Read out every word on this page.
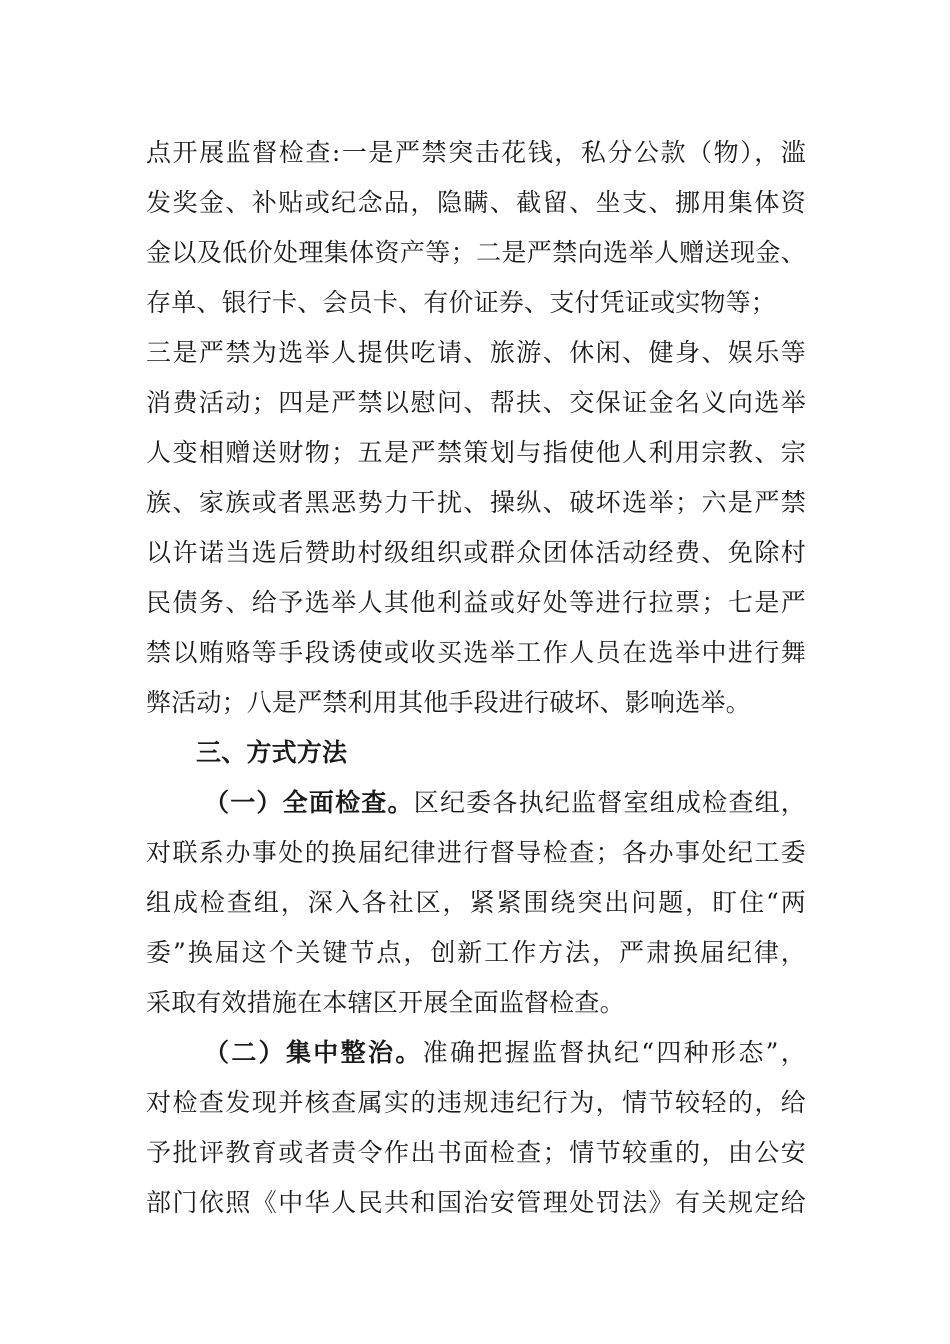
点开展监督检查:一是严禁突击花钱，私分公款（物），滥
发奖金、补贴或纪念品，隐瞒、截留、坐支、挪用集体资
金以及低价处理集体资产等；二是严禁向选举人赠送现金、
存单、银行卡、会员卡、有价证券、支付凭证或实物等；
三是严禁为选举人提供吃请、旅游、休闲、健身、娱乐等
消费活动；四是严禁以慰问、帮扶、交保证金名义向选举
人变相赠送财物；五是严禁策划与指使他人利用宗教、宗
族、家族或者黑恶势力干扰、操纵、破坏选举；六是严禁
以许诺当选后赞助村级组织或群众团体活动经费、免除村
民债务、给予选举人其他利益或好处等进行拉票；七是严
禁以贿赂等手段诱使或收买选举工作人员在选举中进行舞
弊活动；八是严禁利用其他手段进行破坏、影响选举。
三、方式方法
（一）全面检查。区纪委各执纪监督室组成检查组，
对联系办事处的换届纪律进行督导检查；各办事处纪工委
组成检查组，深入各社区，紧紧围绕突出问题，盯住“两
委”换届这个关键节点，创新工作方法，严肃换届纪律，
采取有效措施在本辖区开展全面监督检查。
（二）集中整治。准确把握监督执纪“四种形态”，
对检查发现并核查属实的违规违纪行为，情节较轻的，给
予批评教育或者责令作出书面检查；情节较重的，由公安
部门依照《中华人民共和国治安管理处罚法》有关规定给
